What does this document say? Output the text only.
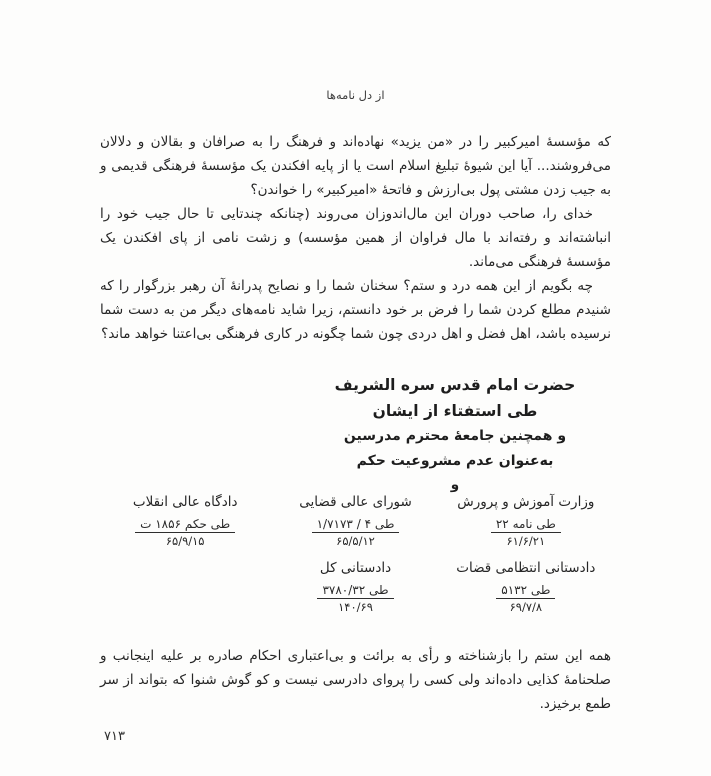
از دل نامه‌ها

که مؤسسۀ امیرکبیر را در «من یزید» نهاده‌اند و فرهنگ را به صرافان و بقالان و دلالان می‌فروشند... آیا این شیوۀ تبلیغ اسلام است یا از پایه افکندن یک مؤسسۀ فرهنگی قدیمی و به جیب زدن مشتی پول بی‌ارزش و فاتحۀ «امیرکبیر» را خواندن؟

خدای را، صاحب دوران این مال‌اندوزان می‌روند (چنانکه چندتایی تا حال جیب خود را انباشته‌اند و رفته‌اند با مال فراوان از همین مؤسسه) و زشت نامی از پای افکندن یک مؤسسۀ فرهنگی می‌ماند.

چه بگویم از این همه درد و ستم؟ سخنان شما را و نصایح پدرانۀ آن رهبر بزرگوار را که شنیدم مطلع کردن شما را فرض بر خود دانستم، زیرا شاید نامه‌های دیگر من به دست شما نرسیده باشد، اهل فضل و اهل دردی چون شما چگونه در کاری فرهنگی بی‌اعتنا خواهد ماند؟

حضرت امام قدس سره الشریف
طی استفتاء از ایشان
و همچنین جامعۀ محترم مدرسین
به‌عنوان عدم مشروعیت حکم
و
وزارت آموزش و پرورش
$\frac{\text{طی نامه ۲۲}}{۶۱/۶/۲۱}$
شورای عالی قضایی
$\frac{\text{طی ۴ / ۱/۷۱۷۳}}{۶۵/۵/۱۲}$
دادگاه عالی انقلاب
$\frac{\text{طی حکم ۱۸۵۶ ت}}{۶۵/۹/۱۵}$
دادستانی انتظامی قضات
$\frac{\text{طی ۵۱۳۲}}{۶۹/۷/۸}$
دادستانی کل
$\frac{\text{طی ۳۷۸۰/۳۲}}{۱۴۰/۶۹}$

همه این ستم را بازشناخته و رأی به برائت و بی‌اعتباری احکام صادره بر علیه اینجانب و صلحنامۀ کذایی داده‌اند ولی کسی را پروای دادرسی نیست و کو گوش شنوا که بتواند از سر طمع برخیزد.

۷۱۳
